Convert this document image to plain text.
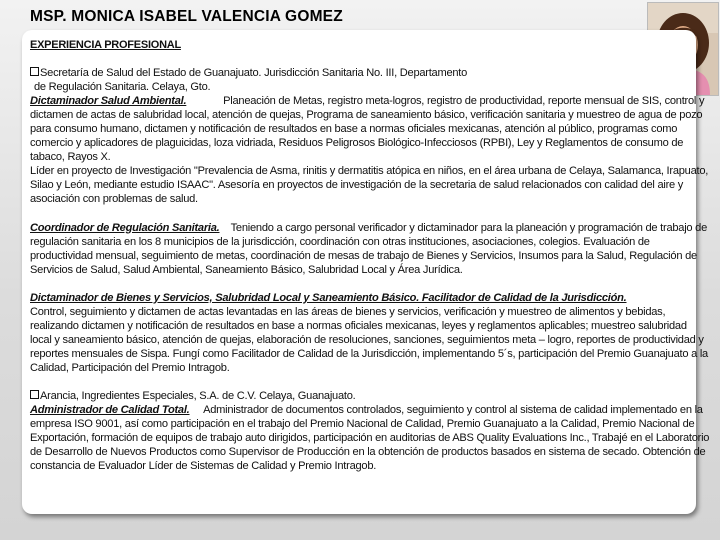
MSP. MONICA ISABEL VALENCIA GOMEZ

EXPERIENCIA PROFESIONAL

Secretaría de Salud del Estado de Guanajuato. Jurisdicción Sanitaria No. III, Departamento

de Regulación Sanitaria. Celaya, Gto.

Dictaminador Salud Ambiental.	Planeación de Metas, registro meta-logros, registro de productividad, reporte mensual de SIS, control y dictamen de actas de salubridad local, atención de quejas, Programa de saneamiento básico, verificación sanitaria y muestreo de agua de pozo para consumo humano, dictamen y notificación de resultados en base a normas oficiales mexicanas, atención al público, programas como comercio y aplicadores de plaguicidas, loza vidriada, Residuos Peligrosos Biológico-Infecciosos (RPBI), Ley y Reglamentos de consumo de tabaco, Rayos X.

Líder en proyecto de Investigación "Prevalencia de Asma, rinitis y dermatitis atópica en niños, en el área urbana de Celaya, Salamanca, Irapuato, Silao y León, mediante estudio ISAAC". Asesoría en proyectos de investigación de la secretaria de salud relacionados con calidad del aire y asociación con problemas de salud.

Coordinador de Regulación Sanitaria. Teniendo a cargo personal verificador y dictaminador para la planeación y programación de trabajo de regulación sanitaria en los 8 municipios de la jurisdicción, coordinación con otras instituciones, asociaciones, colegios. Evaluación de productividad mensual, seguimiento de metas, coordinación de mesas de trabajo de Bienes y Servicios, Insumos para la Salud, Regulación de Servicios de Salud, Salud Ambiental, Saneamiento Básico, Salubridad Local y Área Jurídica.

Dictaminador de Bienes y Servicios, Salubridad Local y Saneamiento Básico. Facilitador de Calidad de la Jurisdicción.

Control, seguimiento y dictamen de actas levantadas en las áreas de bienes y servicios, verificación y muestreo de alimentos y bebidas, realizando dictamen y notificación de resultados en base a normas oficiales mexicanas, leyes y reglamentos aplicables; muestreo salubridad local y saneamiento básico, atención de quejas, elaboración de resoluciones, sanciones, seguimientos meta – logro, reportes de productividad y reportes mensuales de Sispa. Fungí como Facilitador de Calidad de la Jurisdicción, implementando 5´s, participación del Premio Guanajuato a la Calidad, Participación del Premio Intragob.

Arancia, Ingredientes Especiales, S.A. de C.V. Celaya, Guanajuato.

Administrador de Calidad Total. Administrador de documentos controlados, seguimiento y control al sistema de calidad implementado en la empresa ISO 9001, así como participación en el trabajo del Premio Nacional de Calidad, Premio Guanajuato a la Calidad, Premio Nacional de Exportación, formación de equipos de trabajo auto dirigidos, participación en auditorias de ABS Quality Evaluations Inc., Trabajé en el Laboratorio de Desarrollo de Nuevos Productos como Supervisor de Producción en la obtención de productos basados en sistema de secado. Obtención de constancia de Evaluador Líder de Sistemas de Calidad y Premio Intragob.
